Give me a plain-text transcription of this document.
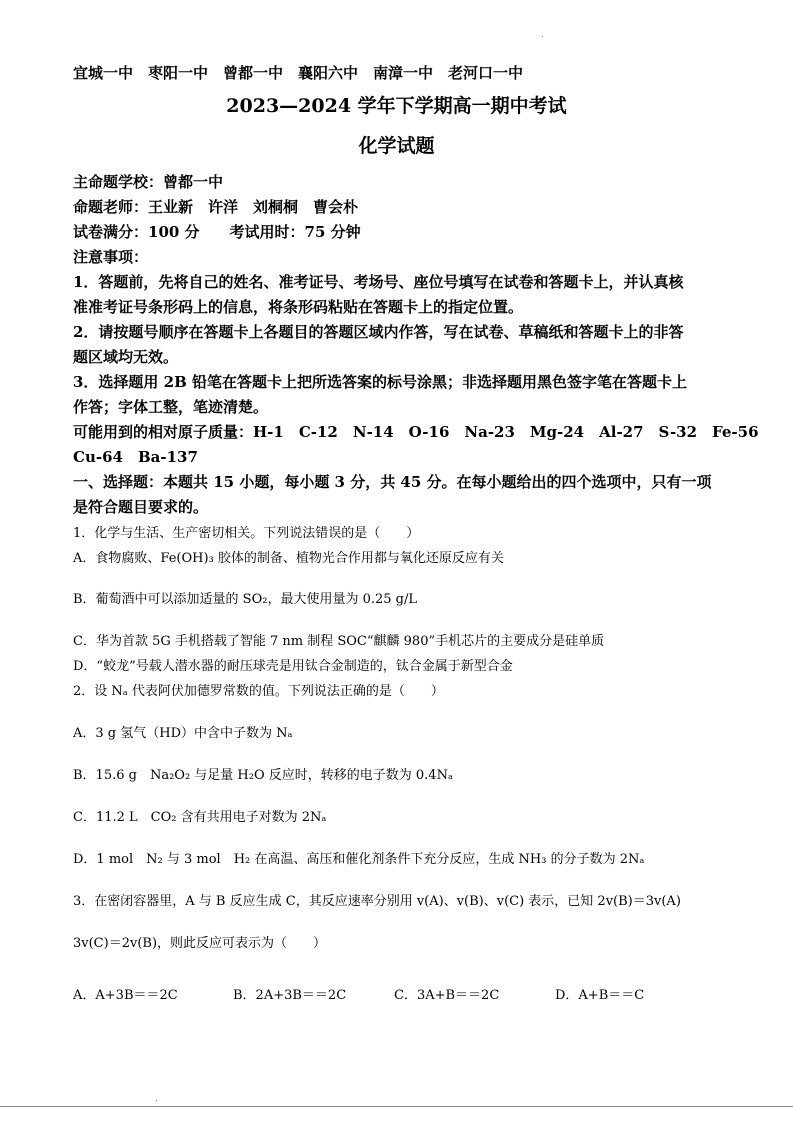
.
宜城一中　枣阳一中　曾都一中　襄阳六中　南漳一中　老河口一中
2023—2024 学年下学期高一期中考试
化学试题
主命题学校：曾都一中
命题老师：王业新　许洋　刘桐桐　曹会朴
试卷满分：100 分　　考试用时：75 分钟
注意事项：
1．答题前，先将自己的姓名、准考证号、考场号、座位号填写在试卷和答题卡上，并认真核
准准考证号条形码上的信息，将条形码粘贴在答题卡上的指定位置。
2．请按题号顺序在答题卡上各题目的答题区域内作答，写在试卷、草稿纸和答题卡上的非答
题区域均无效。
3．选择题用 2B 铅笔在答题卡上把所选答案的标号涂黑；非选择题用黑色签字笔在答题卡上
作答；字体工整，笔迹清楚。
可能用到的相对原子质量：H-1　C-12　N-14　O-16　Na-23　Mg-24　Al-27　S-32　Fe-56
Cu-64　Ba-137
一、选择题：本题共 15 小题，每小题 3 分，共 45 分。在每小题给出的四个选项中，只有一项
是符合题目要求的。
1．化学与生活、生产密切相关。下列说法错误的是（　　）
A．食物腐败、Fe(OH)₃ 胶体的制备、植物光合作用都与氧化还原反应有关
B．葡萄酒中可以添加适量的 SO₂，最大使用量为 0.25 g/L
C．华为首款 5G 手机搭载了智能 7 nm 制程 SOC“麒麟 980”手机芯片的主要成分是硅单质
D．“蛟龙”号载人潜水器的耐压球壳是用钛合金制造的，钛合金属于新型合金
2．设 Nₐ 代表阿伏加德罗常数的值。下列说法正确的是（　　）
A．3 g 氢气（HD）中含中子数为 Nₐ
B．15.6 g　Na₂O₂ 与足量 H₂O 反应时，转移的电子数为 0.4Nₐ
C．11.2 L　CO₂ 含有共用电子对数为 2Nₐ
D．1 mol　N₂ 与 3 mol　H₂ 在高温、高压和催化剂条件下充分反应，生成 NH₃ 的分子数为 2Nₐ
3．在密闭容器里，A 与 B 反应生成 C，其反应速率分别用 v(A)、v(B)、v(C) 表示，已知 2v(B)＝3v(A)
3v(C)＝2v(B)，则此反应可表示为（　　）
A．A+3B＝＝2C	B．2A+3B＝＝2C	C．3A+B＝＝2C	D．A+B＝＝C
.
